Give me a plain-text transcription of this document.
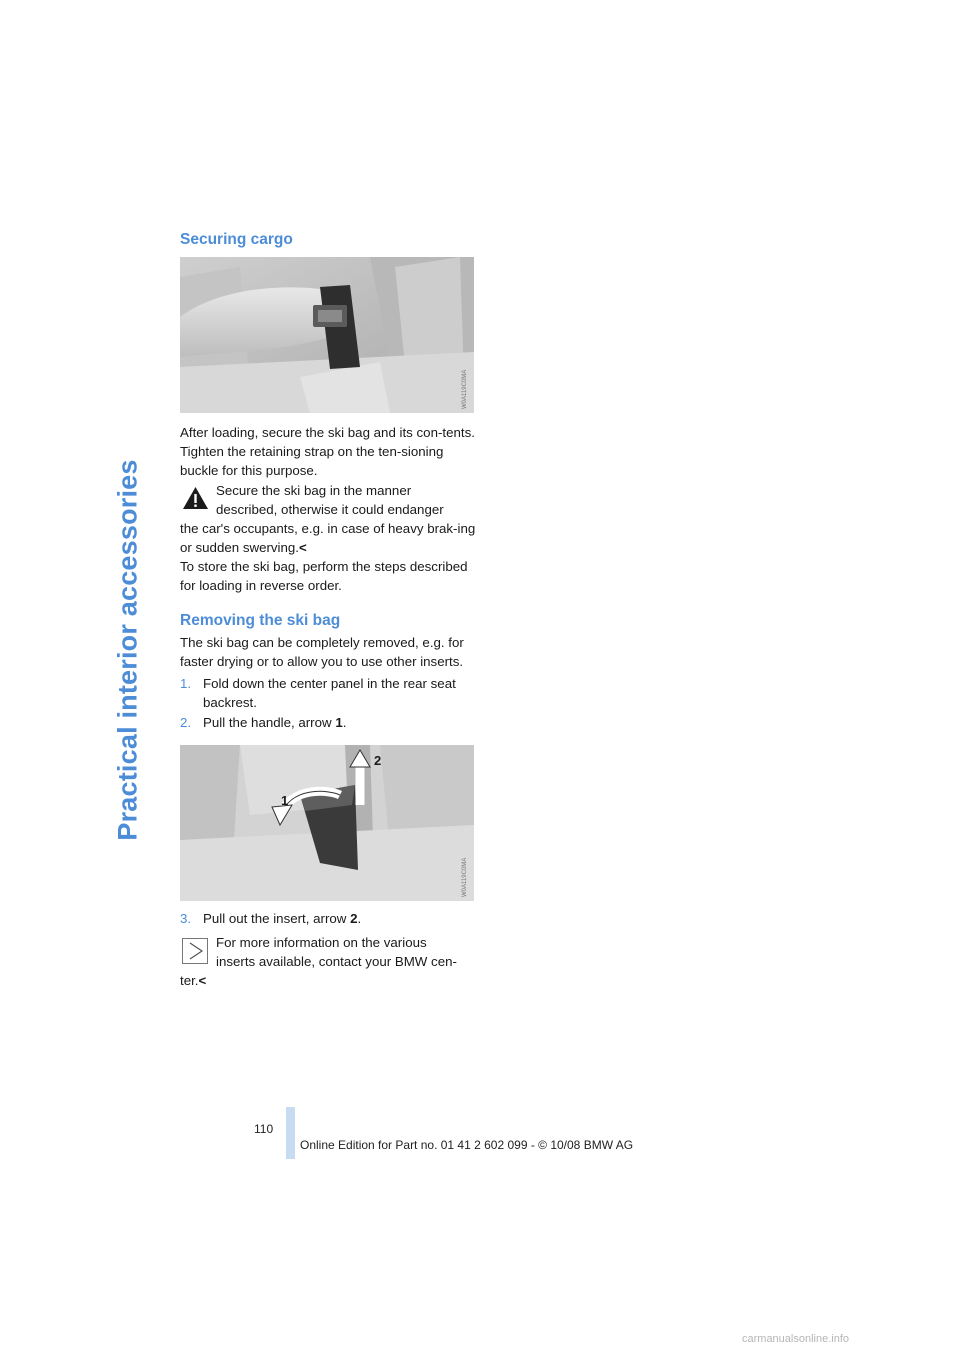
Practical interior accessories
Securing cargo
W0A119C0MA

After loading, secure the ski bag and its con-tents. Tighten the retaining strap on the ten-sioning buckle for this purpose.

Secure the ski bag in the manner

described, otherwise it could endanger

the car's occupants, e.g. in case of heavy brak-ing or sudden swerving.<

To store the ski bag, perform the steps described for loading in reverse order.

Removing the ski bag

The ski bag can be completely removed, e.g. for faster drying or to allow you to use other inserts.

1. Fold down the center panel in the rear seat backrest.
2. Pull the handle, arrow 1.
1
2
W0A119C0MA
3. Pull out the insert, arrow 2.

For more information on the various

inserts available, contact your BMW cen-

ter.<

110
Online Edition for Part no. 01 41 2 602 099 - © 10/08 BMW AG
carmanualsonline.info
